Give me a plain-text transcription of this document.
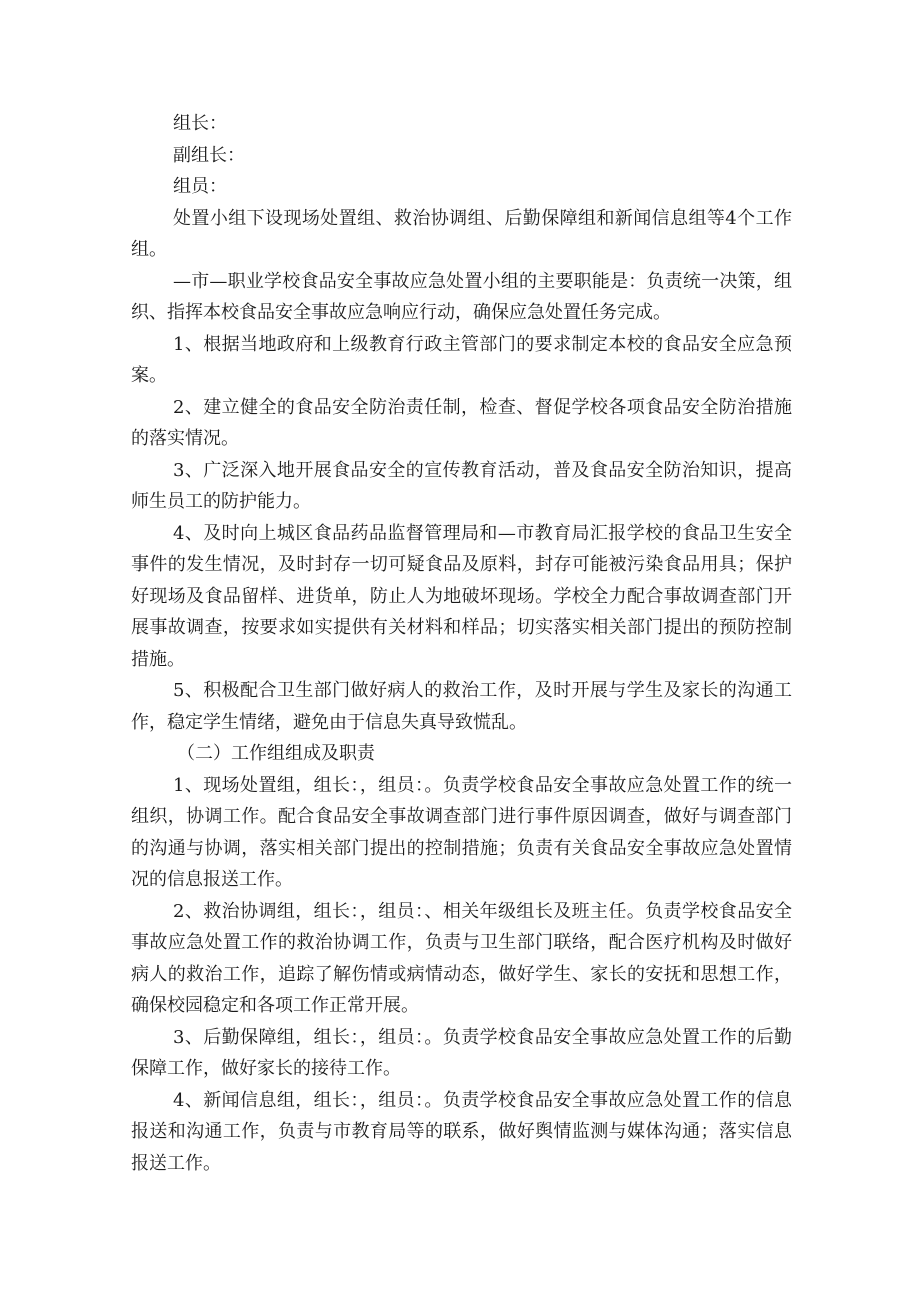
组长：

副组长：

组员：

处置小组下设现场处置组、救治协调组、后勤保障组和新闻信息组等4个工作组。

—市—职业学校食品安全事故应急处置小组的主要职能是：负责统一决策，组织、指挥本校食品安全事故应急响应行动，确保应急处置任务完成。

1、根据当地政府和上级教育行政主管部门的要求制定本校的食品安全应急预案。

2、建立健全的食品安全防治责任制，检查、督促学校各项食品安全防治措施的落实情况。

3、广泛深入地开展食品安全的宣传教育活动，普及食品安全防治知识，提高师生员工的防护能力。

4、及时向上城区食品药品监督管理局和—市教育局汇报学校的食品卫生安全事件的发生情况，及时封存一切可疑食品及原料，封存可能被污染食品用具；保护好现场及食品留样、进货单，防止人为地破坏现场。学校全力配合事故调查部门开展事故调查，按要求如实提供有关材料和样品；切实落实相关部门提出的预防控制措施。

5、积极配合卫生部门做好病人的救治工作，及时开展与学生及家长的沟通工作，稳定学生情绪，避免由于信息失真导致慌乱。

（二）工作组组成及职责

1、现场处置组，组长：，组员：。负责学校食品安全事故应急处置工作的统一组织，协调工作。配合食品安全事故调查部门进行事件原因调查，做好与调查部门的沟通与协调，落实相关部门提出的控制措施；负责有关食品安全事故应急处置情况的信息报送工作。

2、救治协调组，组长：，组员：、相关年级组长及班主任。负责学校食品安全事故应急处置工作的救治协调工作，负责与卫生部门联络，配合医疗机构及时做好病人的救治工作，追踪了解伤情或病情动态，做好学生、家长的安抚和思想工作，确保校园稳定和各项工作正常开展。

3、后勤保障组，组长：，组员：。负责学校食品安全事故应急处置工作的后勤保障工作，做好家长的接待工作。

4、新闻信息组，组长：，组员：。负责学校食品安全事故应急处置工作的信息报送和沟通工作，负责与市教育局等的联系，做好舆情监测与媒体沟通；落实信息报送工作。
